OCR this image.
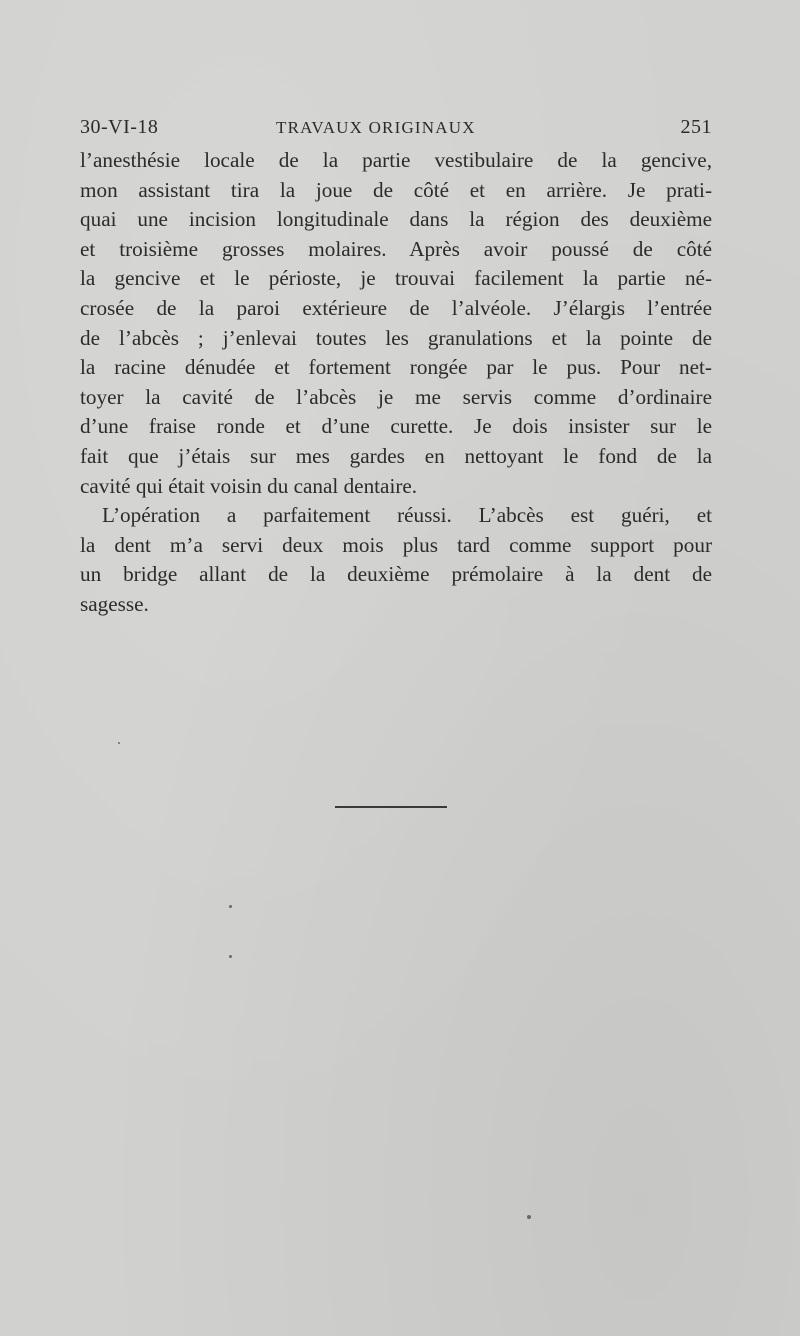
30-VI-18	TRAVAUX ORIGINAUX	251
l’anesthésie locale de la partie vestibulaire de la gencive,
mon assistant tira la joue de côté et en arrière. Je prati-
quai une incision longitudinale dans la région des deuxième
et troisième grosses molaires. Après avoir poussé de côté
la gencive et le périoste, je trouvai facilement la partie né-
crosée de la paroi extérieure de l’alvéole. J’élargis l’entrée
de l’abcès ; j’enlevai toutes les granulations et la pointe de
la racine dénudée et fortement rongée par le pus. Pour net-
toyer la cavité de l’abcès je me servis comme d’ordinaire
d’une fraise ronde et d’une curette. Je dois insister sur le
fait que j’étais sur mes gardes en nettoyant le fond de la
cavité qui était voisin du canal dentaire.
L’opération a parfaitement réussi. L’abcès est guéri, et
la dent m’a servi deux mois plus tard comme support pour
un bridge allant de la deuxième prémolaire à la dent de
sagesse.
